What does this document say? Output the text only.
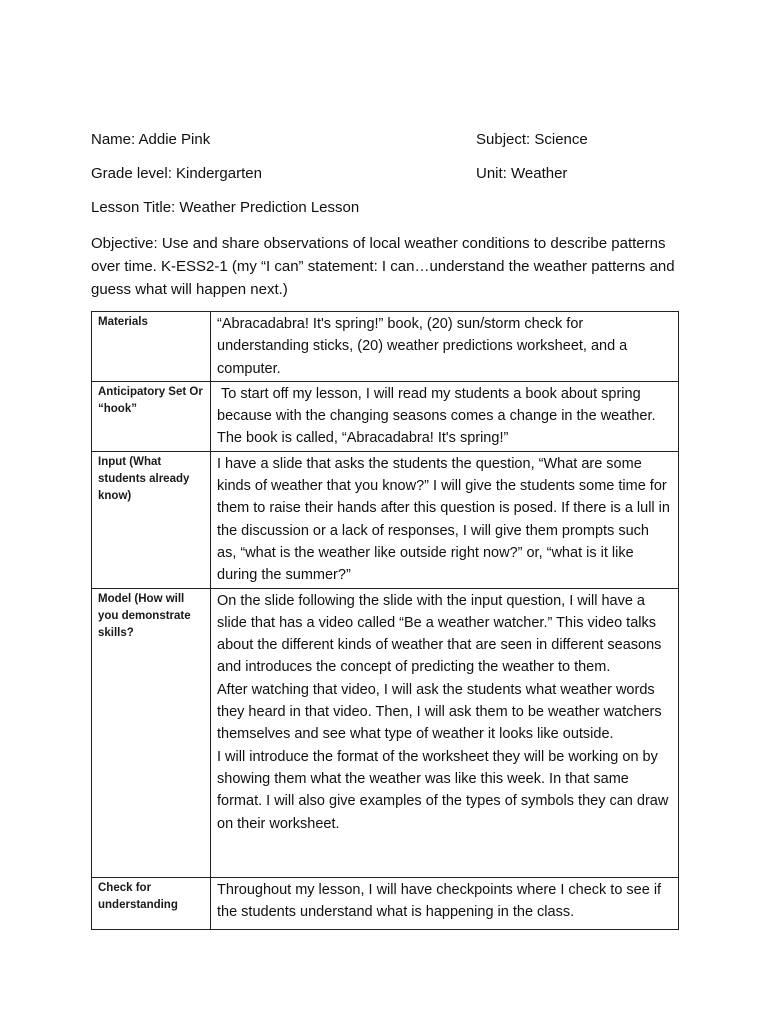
Name: Addie Pink	Subject: Science
Grade level: Kindergarten	Unit: Weather
Lesson Title: Weather Prediction Lesson
Objective: Use and share observations of local weather conditions to describe patterns over time. K-ESS2-1 (my “I can” statement: I can…understand the weather patterns and guess what will happen next.)
Materials	“Abracadabra! It's spring!” book, (20) sun/storm check for understanding sticks, (20) weather predictions worksheet, and a computer.

Anticipatory Set Or “hook”	To start off my lesson, I will read my students a book about spring because with the changing seasons comes a change in the weather. The book is called, “Abracadabra! It's spring!”

Input (What students already know)	I have a slide that asks the students the question, “What are some kinds of weather that you know?” I will give the students some time for them to raise their hands after this question is posed. If there is a lull in the discussion or a lack of responses, I will give them prompts such as, “what is the weather like outside right now?” or, “what is it like during the summer?”

Model (How will you demonstrate skills?	On the slide following the slide with the input question, I will have a slide that has a video called “Be a weather watcher.” This video talks about the different kinds of weather that are seen in different seasons and introduces the concept of predicting the weather to them.
After watching that video, I will ask the students what weather words they heard in that video. Then, I will ask them to be weather watchers themselves and see what type of weather it looks like outside.
I will introduce the format of the worksheet they will be working on by showing them what the weather was like this week. In that same format. I will also give examples of the types of symbols they can draw on their worksheet.

Check for understanding	Throughout my lesson, I will have checkpoints where I check to see if the students understand what is happening in the class.
